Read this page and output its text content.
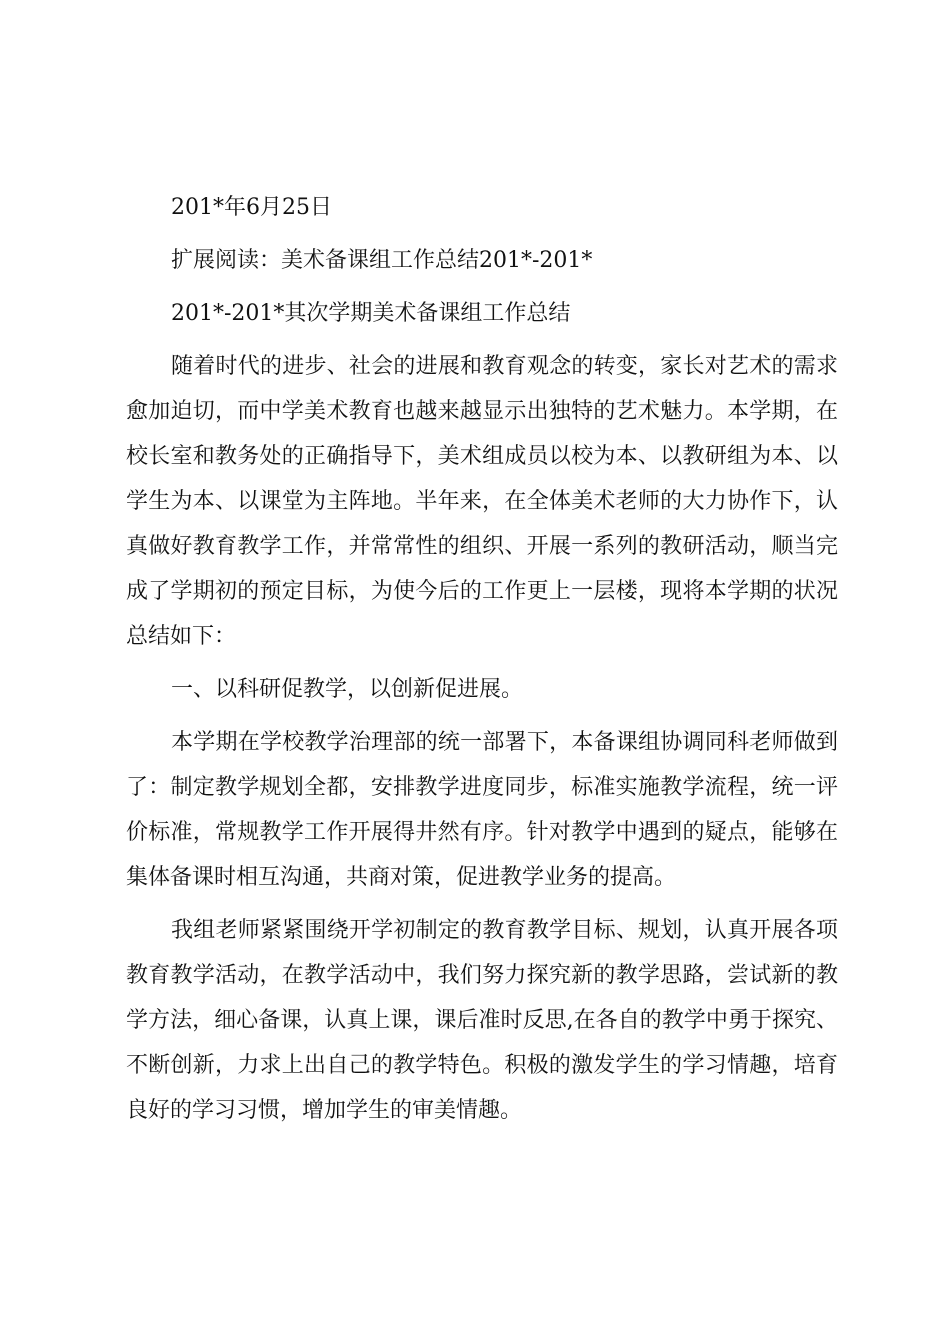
201*年6月25日

扩展阅读：美术备课组工作总结201*-201*

201*-201*其次学期美术备课组工作总结

随着时代的进步、社会的进展和教育观念的转变，家长对艺术的需求愈加迫切，而中学美术教育也越来越显示出独特的艺术魅力。本学期，在校长室和教务处的正确指导下，美术组成员以校为本、以教研组为本、以学生为本、以课堂为主阵地。半年来，在全体美术老师的大力协作下，认真做好教育教学工作，并常常性的组织、开展一系列的教研活动，顺当完成了学期初的预定目标，为使今后的工作更上一层楼，现将本学期的状况总结如下：

一、以科研促教学，以创新促进展。

本学期在学校教学治理部的统一部署下，本备课组协调同科老师做到了：制定教学规划全都，安排教学进度同步，标准实施教学流程，统一评价标准，常规教学工作开展得井然有序。针对教学中遇到的疑点，能够在集体备课时相互沟通，共商对策，促进教学业务的提高。

我组老师紧紧围绕开学初制定的教育教学目标、规划，认真开展各项教育教学活动，在教学活动中，我们努力探究新的教学思路，尝试新的教学方法，细心备课，认真上课，课后准时反思,在各自的教学中勇于探究、不断创新，力求上出自己的教学特色。积极的激发学生的学习情趣，培育良好的学习习惯，增加学生的审美情趣。
